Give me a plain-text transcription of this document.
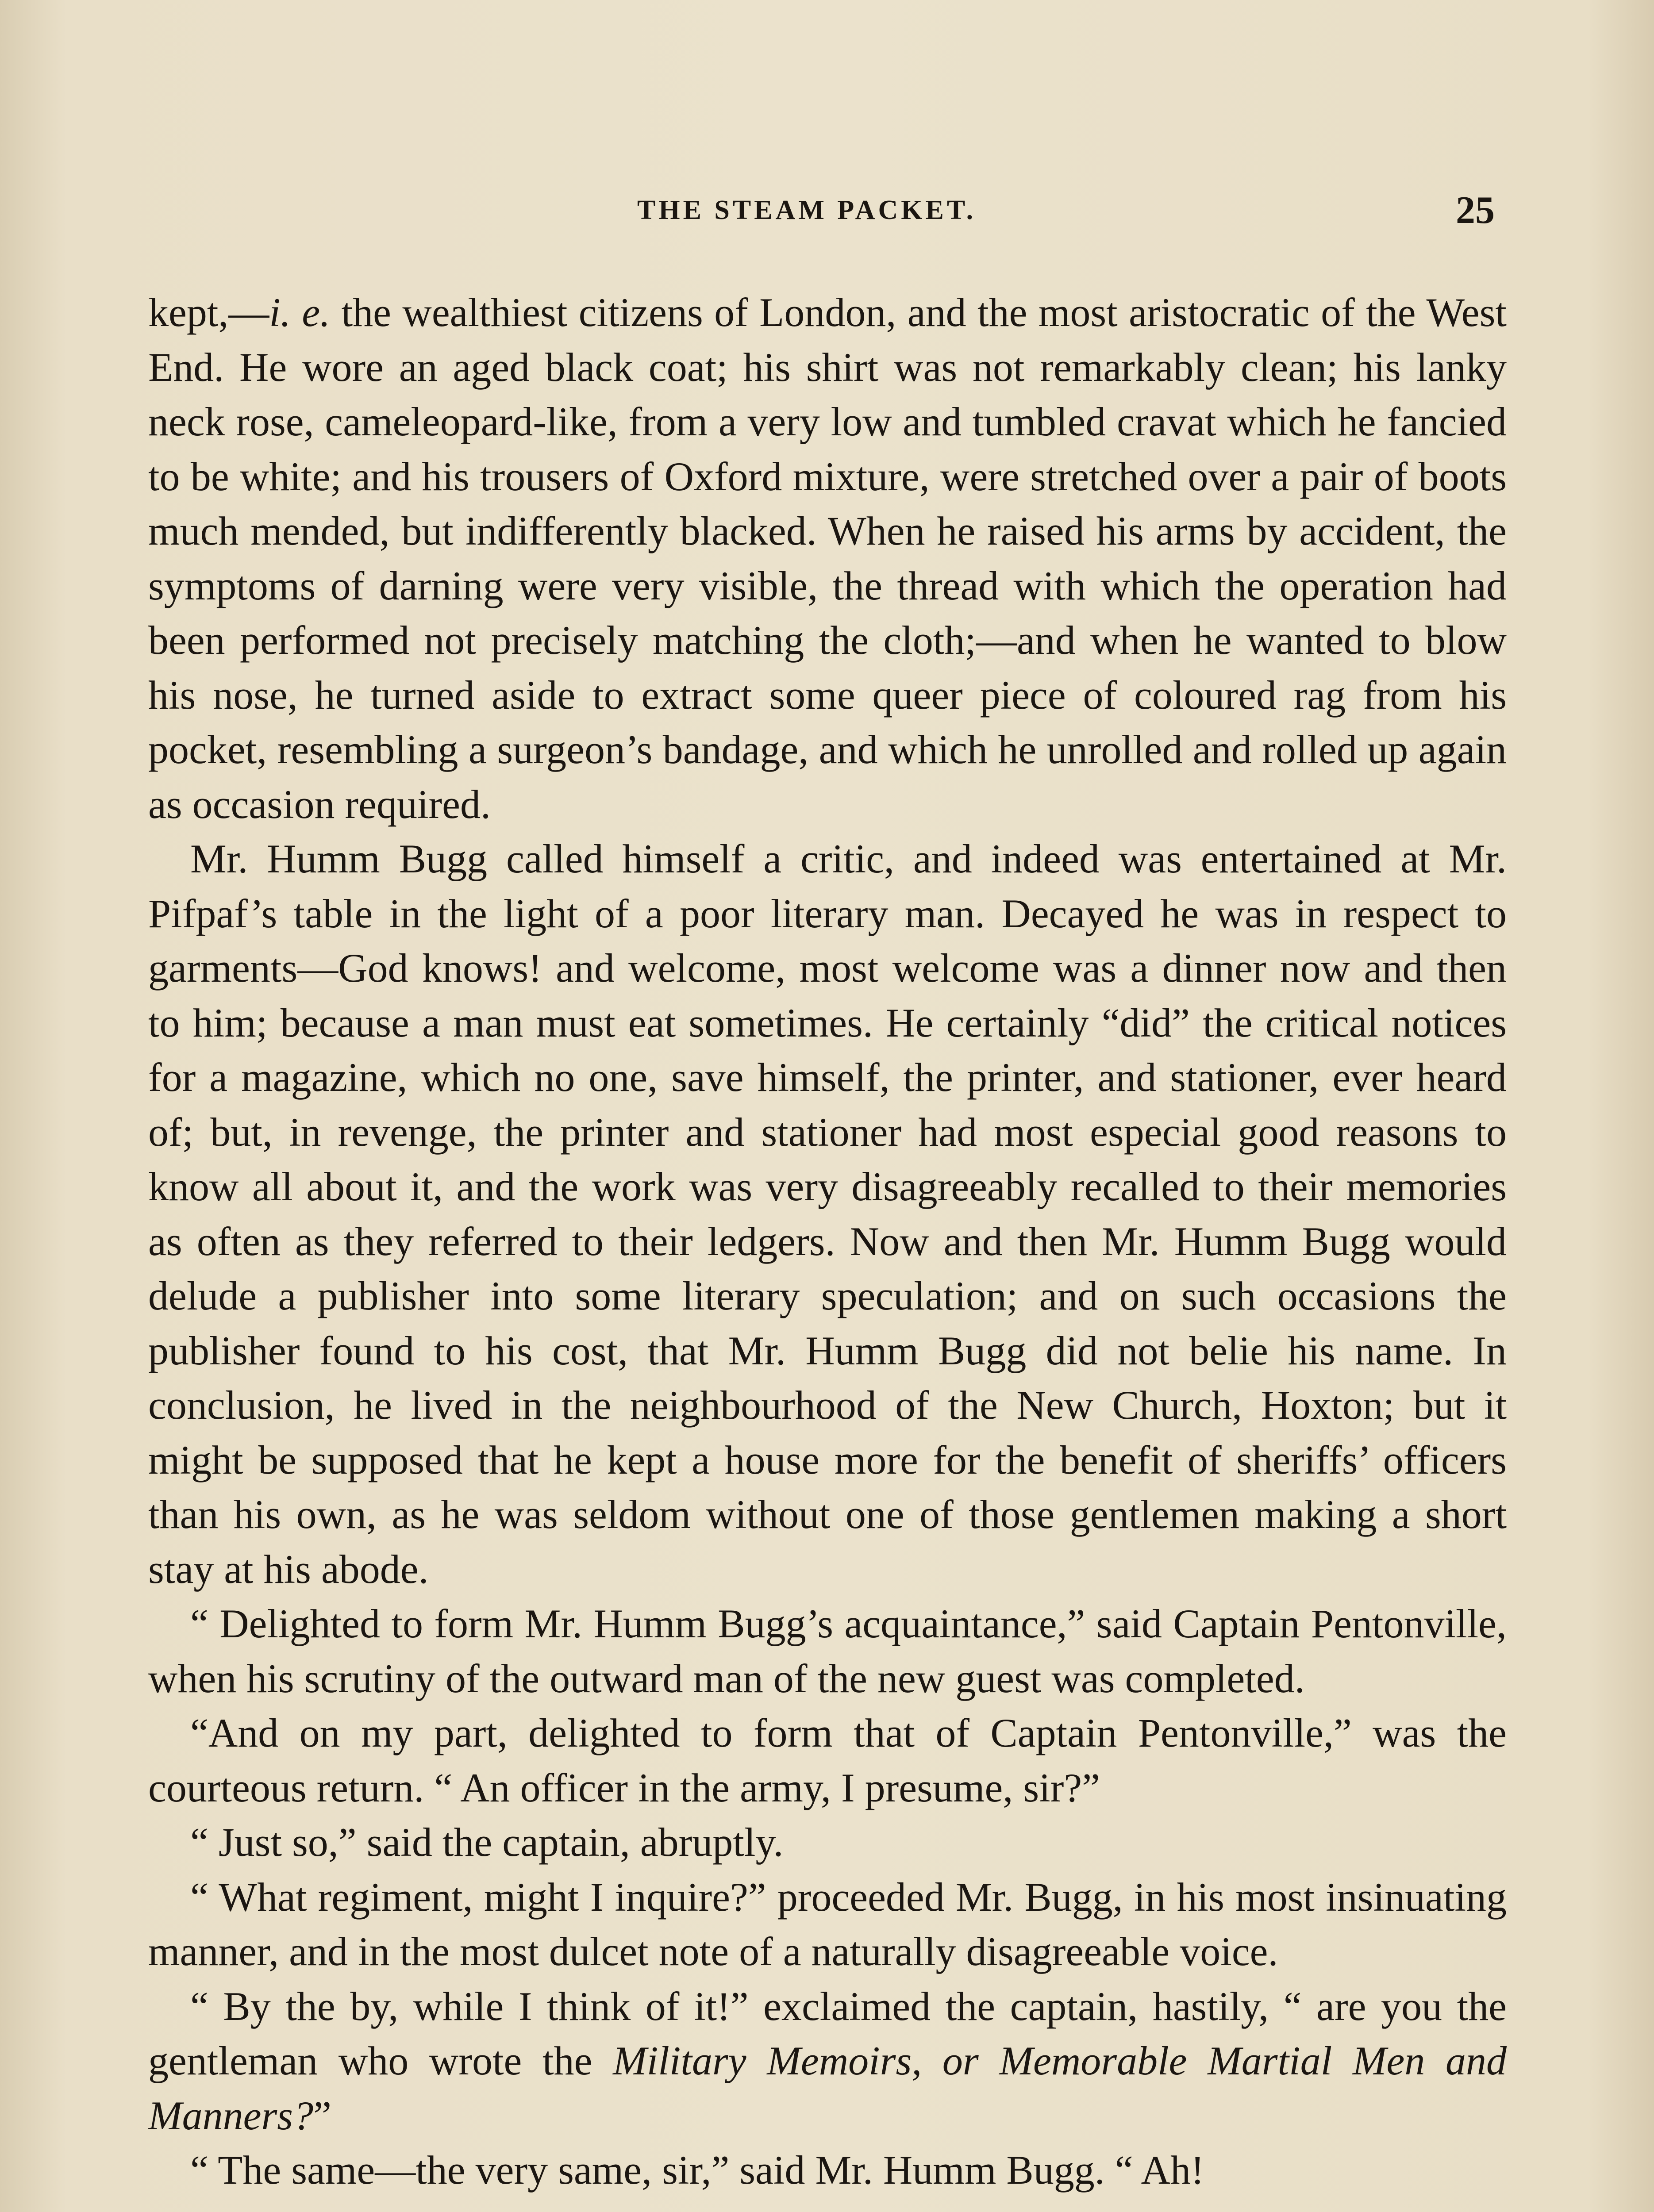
THE STEAM PACKET.	25

kept,—i. e. the wealthiest citizens of London, and the most aristocratic of the West End. He wore an aged black coat; his shirt was not remarkably clean; his lanky neck rose, cameleopard-like, from a very low and tumbled cravat which he fancied to be white; and his trousers of Oxford mixture, were stretched over a pair of boots much mended, but indifferently blacked. When he raised his arms by accident, the symptoms of darning were very visible, the thread with which the operation had been performed not precisely matching the cloth;—and when he wanted to blow his nose, he turned aside to extract some queer piece of coloured rag from his pocket, resembling a surgeon’s bandage, and which he unrolled and rolled up again as occasion required.

Mr. Humm Bugg called himself a critic, and indeed was entertained at Mr. Pifpaf’s table in the light of a poor literary man. Decayed he was in respect to garments—God knows! and welcome, most welcome was a dinner now and then to him; because a man must eat sometimes. He certainly “did” the critical notices for a magazine, which no one, save himself, the printer, and stationer, ever heard of; but, in revenge, the printer and stationer had most especial good reasons to know all about it, and the work was very disagreeably recalled to their memories as often as they referred to their ledgers. Now and then Mr. Humm Bugg would delude a publisher into some literary speculation; and on such occasions the publisher found to his cost, that Mr. Humm Bugg did not belie his name. In conclusion, he lived in the neighbourhood of the New Church, Hoxton; but it might be supposed that he kept a house more for the benefit of sheriffs’ officers than his own, as he was seldom without one of those gentlemen making a short stay at his abode.

“ Delighted to form Mr. Humm Bugg’s acquaintance,” said Captain Pentonville, when his scrutiny of the outward man of the new guest was completed.

“And on my part, delighted to form that of Captain Pentonville,” was the courteous return. “ An officer in the army, I presume, sir?”

“ Just so,” said the captain, abruptly.

“ What regiment, might I inquire?” proceeded Mr. Bugg, in his most insinuating manner, and in the most dulcet note of a naturally disagreeable voice.

“ By the by, while I think of it!” exclaimed the captain, hastily, “ are you the gentleman who wrote the Military Memoirs, or Memorable Martial Men and Manners?”

“ The same—the very same, sir,” said Mr. Humm Bugg. “ Ah!
